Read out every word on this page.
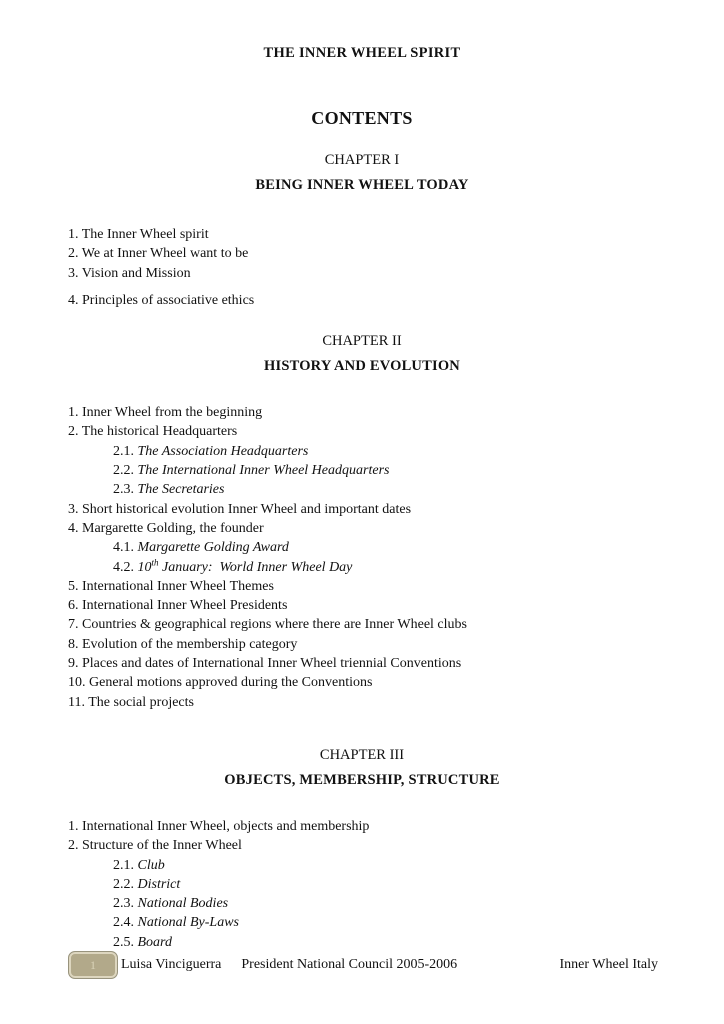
THE INNER WHEEL SPIRIT
CONTENTS
CHAPTER I
BEING INNER WHEEL TODAY
1. The Inner Wheel spirit
2. We at Inner Wheel want to be
3. Vision and Mission
4. Principles of associative ethics
CHAPTER II
HISTORY AND EVOLUTION
1. Inner Wheel from the beginning
2. The historical Headquarters
2.1. The Association Headquarters
2.2. The International Inner Wheel Headquarters
2.3. The Secretaries
3. Short historical evolution Inner Wheel and important dates
4. Margarette Golding, the founder
4.1. Margarette Golding Award
4.2. 10th January:  World Inner Wheel Day
5. International Inner Wheel Themes
6. International Inner Wheel Presidents
7. Countries & geographical regions where there are Inner Wheel clubs
8. Evolution of the membership category
9. Places and dates of International Inner Wheel triennial Conventions
10. General motions approved during the Conventions
11. The social projects
CHAPTER III
OBJECTS, MEMBERSHIP, STRUCTURE
1. International Inner Wheel, objects and membership
2. Structure of the Inner Wheel
2.1. Club
2.2. District
2.3. National Bodies
2.4. National By-Laws
2.5. Board
1 Luisa Vinciguerra President National Council 2005-2006	Inner Wheel Italy
